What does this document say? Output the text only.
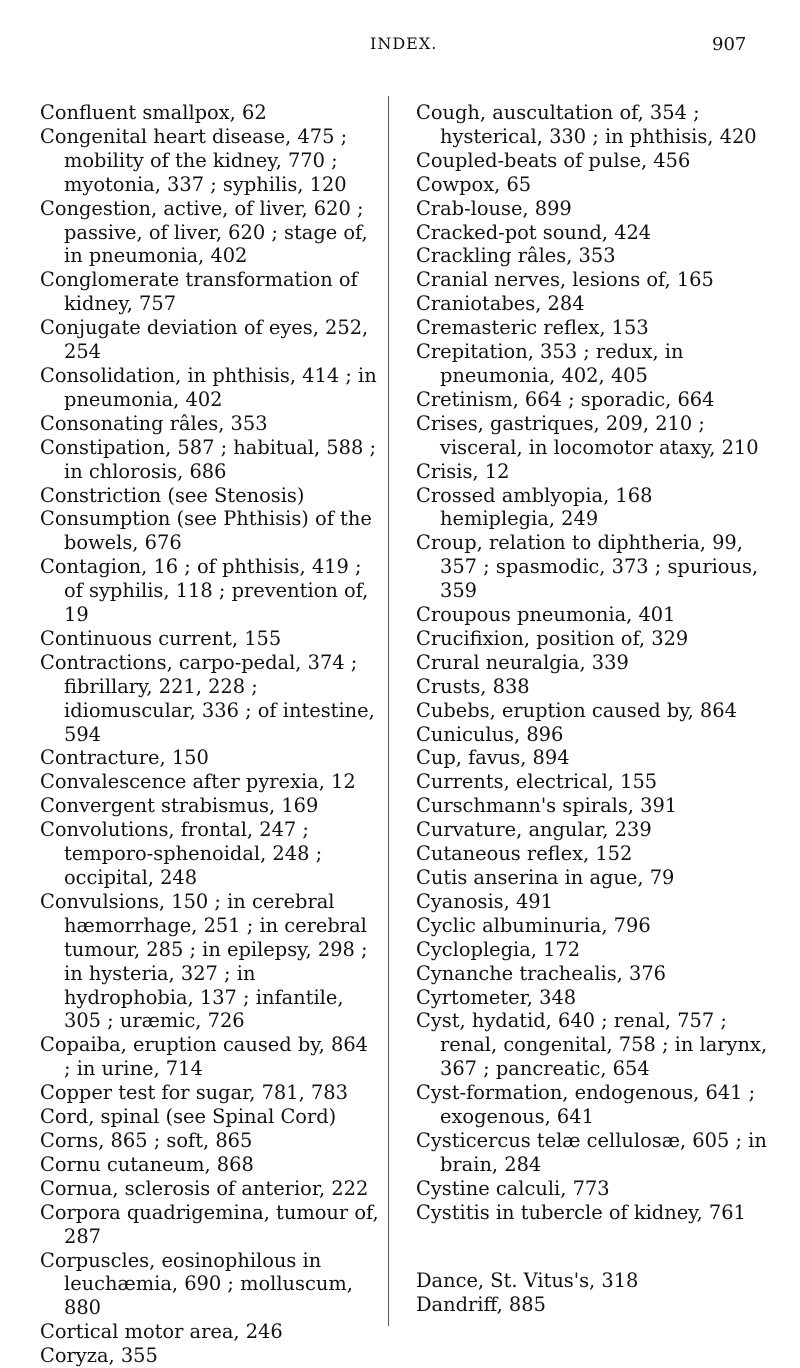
INDEX.	907
Confluent smallpox, 62
Congenital heart disease, 475 ; mobility of the kidney, 770 ; myotonia, 337 ; syphilis, 120
Congestion, active, of liver, 620 ; passive, of liver, 620 ; stage of, in pneumonia, 402
Conglomerate transformation of kidney, 757
Conjugate deviation of eyes, 252, 254
Consolidation, in phthisis, 414 ; in pneumonia, 402
Consonating râles, 353
Constipation, 587 ; habitual, 588 ; in chlorosis, 686
Constriction (see Stenosis)
Consumption (see Phthisis) of the bowels, 676
Contagion, 16 ; of phthisis, 419 ; of syphilis, 118 ; prevention of, 19
Continuous current, 155
Contractions, carpo-pedal, 374 ; fibrillary, 221, 228 ; idiomuscular, 336 ; of intestine, 594
Contracture, 150
Convalescence after pyrexia, 12
Convergent strabismus, 169
Convolutions, frontal, 247 ; temporo-sphenoidal, 248 ; occipital, 248
Convulsions, 150 ; in cerebral hæmorrhage, 251 ; in cerebral tumour, 285 ; in epilepsy, 298 ; in hysteria, 327 ; in hydrophobia, 137 ; infantile, 305 ; uræmic, 726
Copaiba, eruption caused by, 864 ; in urine, 714
Copper test for sugar, 781, 783
Cord, spinal (see Spinal Cord)
Corns, 865 ; soft, 865
Cornu cutaneum, 868
Cornua, sclerosis of anterior, 222
Corpora quadrigemina, tumour of, 287
Corpuscles, eosinophilous in leuchæmia, 690 ; molluscum, 880
Cortical motor area, 246
Coryza, 355
Cough, auscultation of, 354 ; hysterical, 330 ; in phthisis, 420
Coupled-beats of pulse, 456
Cowpox, 65
Crab-louse, 899
Cracked-pot sound, 424
Crackling râles, 353
Cranial nerves, lesions of, 165
Craniotabes, 284
Cremasteric reflex, 153
Crepitation, 353 ; redux, in pneumonia, 402, 405
Cretinism, 664 ; sporadic, 664
Crises, gastriques, 209, 210 ; visceral, in locomotor ataxy, 210
Crisis, 12
Crossed amblyopia, 168 hemiplegia, 249
Croup, relation to diphtheria, 99, 357 ; spasmodic, 373 ; spurious, 359
Croupous pneumonia, 401
Crucifixion, position of, 329
Crural neuralgia, 339
Crusts, 838
Cubebs, eruption caused by, 864
Cuniculus, 896
Cup, favus, 894
Currents, electrical, 155
Curschmann's spirals, 391
Curvature, angular, 239
Cutaneous reflex, 152
Cutis anserina in ague, 79
Cyanosis, 491
Cyclic albuminuria, 796
Cycloplegia, 172
Cynanche trachealis, 376
Cyrtometer, 348
Cyst, hydatid, 640 ; renal, 757 ; renal, congenital, 758 ; in larynx, 367 ; pancreatic, 654
Cyst-formation, endogenous, 641 ; exogenous, 641
Cysticercus telæ cellulosæ, 605 ; in brain, 284
Cystine calculi, 773
Cystitis in tubercle of kidney, 761
Dance, St. Vitus's, 318
Dandriff, 885
